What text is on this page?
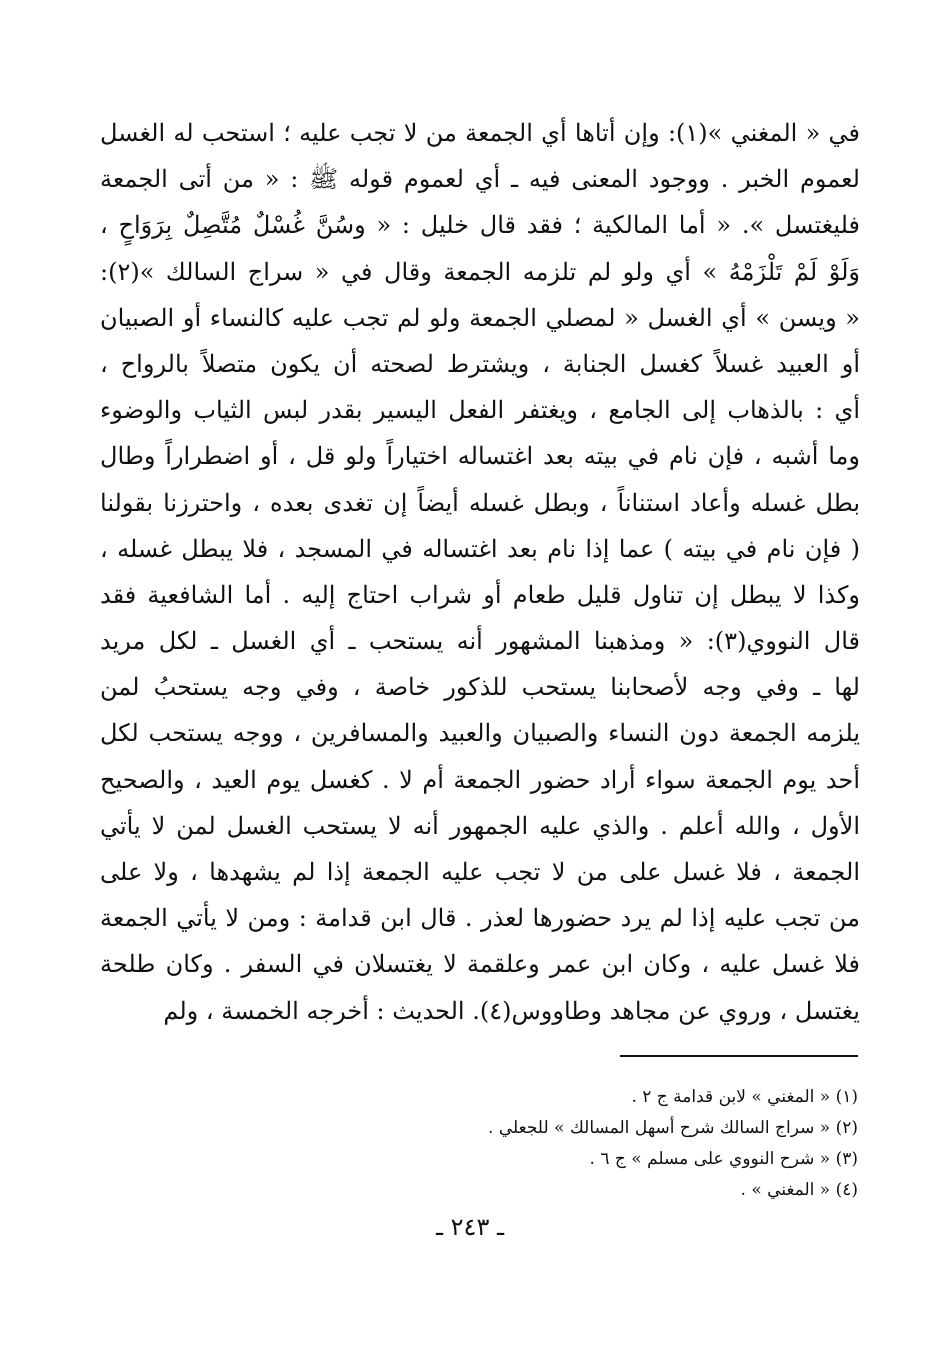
في « المغني »(١): وإن أتاها أي الجمعة من لا تجب عليه ؛ استحب له الغسل
لعموم الخبر . ووجود المعنى فيه ـ أي لعموم قوله ﷺ : « من أتى الجمعة
فليغتسل ». « أما المالكية ؛ فقد قال خليل : « وسُنَّ غُسْلٌ مُتَّصِلٌ بِرَوَاحٍ ،
وَلَوْ لَمْ تَلْزَمْهُ » أي ولو لم تلزمه الجمعة وقال في « سراج السالك »(٢):
« ويسن » أي الغسل « لمصلي الجمعة ولو لم تجب عليه كالنساء أو الصبيان
أو العبيد غسلاً كغسل الجنابة ، ويشترط لصحته أن يكون متصلاً بالرواح ،
أي : بالذهاب إلى الجامع ، ويغتفر الفعل اليسير بقدر لبس الثياب والوضوء
وما أشبه ، فإن نام في بيته بعد اغتساله اختياراً ولو قل ، أو اضطراراً وطال
بطل غسله وأعاد استناناً ، وبطل غسله أيضاً إن تغدى بعده ، واحترزنا بقولنا
( فإن نام في بيته ) عما إذا نام بعد اغتساله في المسجد ، فلا يبطل غسله ،
وكذا لا يبطل إن تناول قليل طعام أو شراب احتاج إليه . أما الشافعية فقد
قال النووي(٣): « ومذهبنا المشهور أنه يستحب ـ أي الغسل ـ لكل مريد
لها ـ وفي وجه لأصحابنا يستحب للذكور خاصة ، وفي وجه يستحبُ لمن
يلزمه الجمعة دون النساء والصبيان والعبيد والمسافرين ، ووجه يستحب لكل
أحد يوم الجمعة سواء أراد حضور الجمعة أم لا . كغسل يوم العيد ، والصحيح
الأول ، والله أعلم . والذي عليه الجمهور أنه لا يستحب الغسل لمن لا يأتي
الجمعة ، فلا غسل على من لا تجب عليه الجمعة إذا لم يشهدها ، ولا على
من تجب عليه إذا لم يرد حضورها لعذر . قال ابن قدامة : ومن لا يأتي الجمعة
فلا غسل عليه ، وكان ابن عمر وعلقمة لا يغتسلان في السفر . وكان طلحة
يغتسل ، وروي عن مجاهد وطاووس(٤). الحديث : أخرجه الخمسة ، ولم
(١) « المغني » لابن قدامة ج ٢ .
(٢) « سراج السالك شرح أسهل المسالك » للجعلي .
(٣) « شرح النووي على مسلم » ج ٦ .
(٤) « المغني » .
ـ ٢٤٣ ـ
